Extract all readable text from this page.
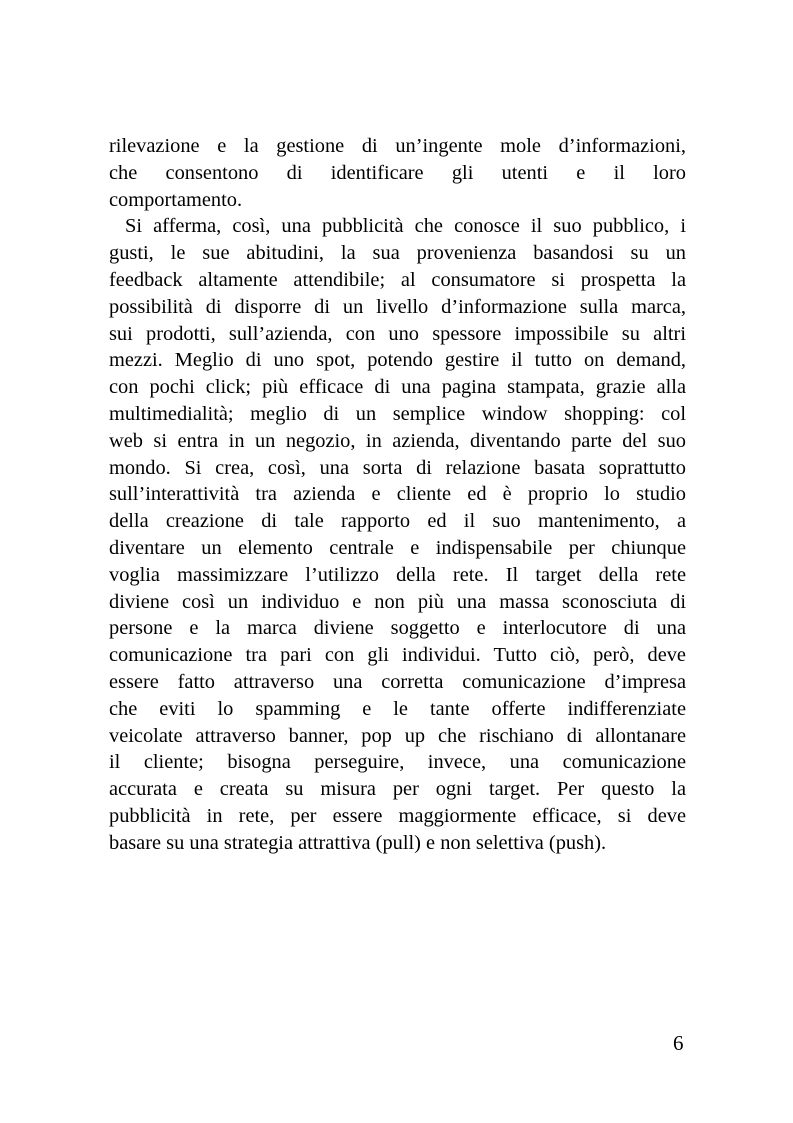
rilevazione e la gestione di un’ingente mole d’informazioni,
che consentono di identificare gli utenti e il loro
comportamento.
Si afferma, così, una pubblicità che conosce il suo pubblico, i
gusti, le sue abitudini, la sua provenienza basandosi su un
feedback altamente attendibile; al consumatore si prospetta la
possibilità di disporre di un livello d’informazione sulla marca,
sui prodotti, sull’azienda, con uno spessore impossibile su altri
mezzi. Meglio di uno spot, potendo gestire il tutto on demand,
con pochi click; più efficace di una pagina stampata, grazie alla
multimedialità; meglio di un semplice window shopping: col
web si entra in un negozio, in azienda, diventando parte del suo
mondo. Si crea, così, una sorta di relazione basata soprattutto
sull’interattività tra azienda e cliente ed è proprio lo studio
della creazione di tale rapporto ed il suo mantenimento, a
diventare un elemento centrale e indispensabile per chiunque
voglia massimizzare l’utilizzo della rete. Il target della rete
diviene così un individuo e non più una massa sconosciuta di
persone e la marca diviene soggetto e interlocutore di una
comunicazione tra pari con gli individui. Tutto ciò, però, deve
essere fatto attraverso una corretta comunicazione d’impresa
che eviti lo spamming e le tante offerte indifferenziate
veicolate attraverso banner, pop up che rischiano di allontanare
il cliente; bisogna perseguire, invece, una comunicazione
accurata e creata su misura per ogni target. Per questo la
pubblicità in rete, per essere maggiormente efficace, si deve
basare su una strategia attrattiva (pull) e non selettiva (push).
6
